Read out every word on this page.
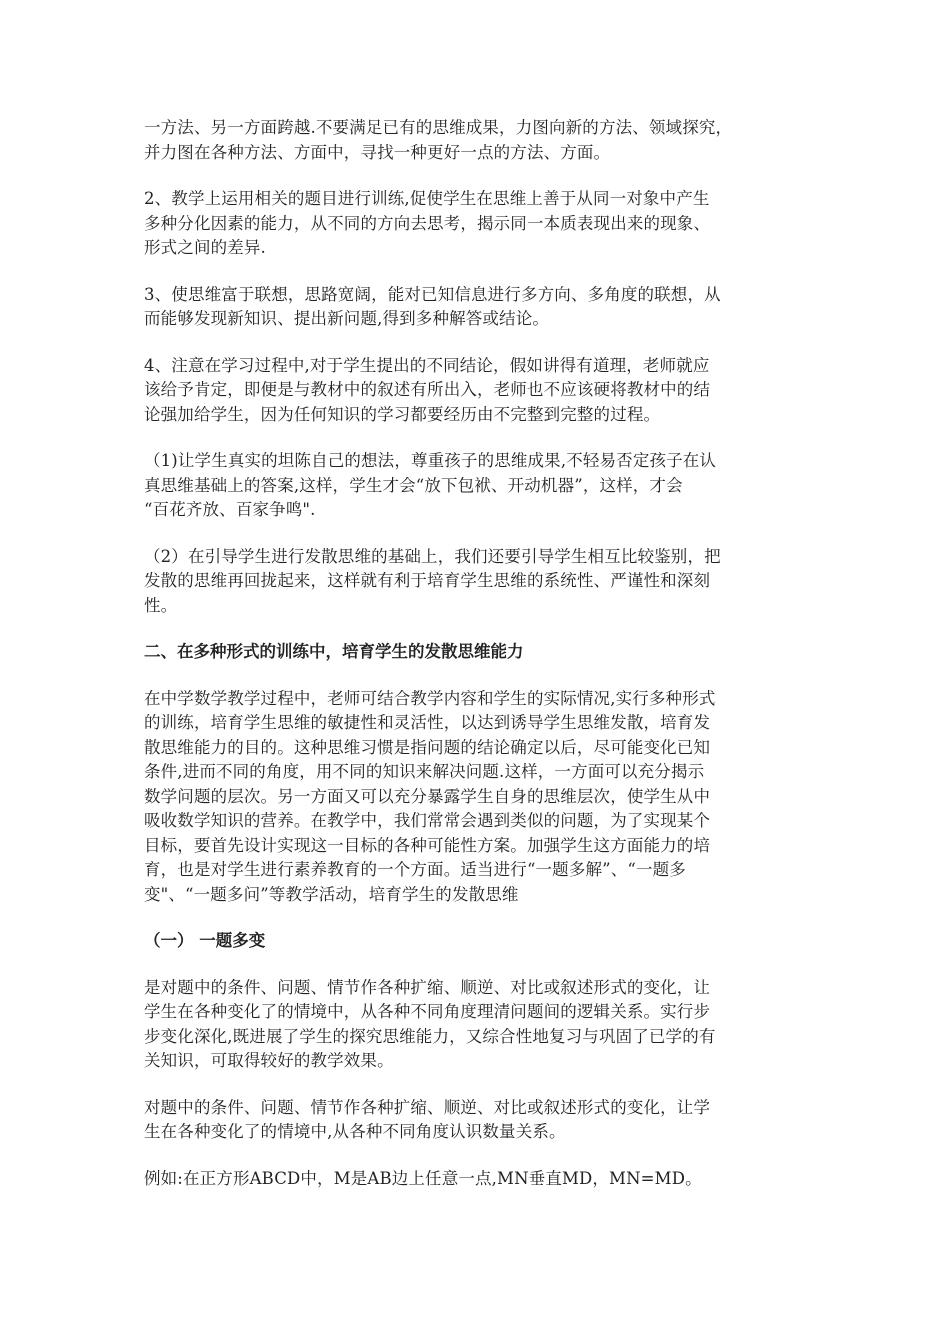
一方法、另一方面跨越.不要满足已有的思维成果，力图向新的方法、领域探究，
并力图在各种方法、方面中，寻找一种更好一点的方法、方面。

2、教学上运用相关的题目进行训练,促使学生在思维上善于从同一对象中产生
多种分化因素的能力，从不同的方向去思考，揭示同一本质表现出来的现象、
形式之间的差异.

3、使思维富于联想，思路宽阔，能对已知信息进行多方向、多角度的联想，从
而能够发现新知识、提出新问题,得到多种解答或结论。

4、注意在学习过程中,对于学生提出的不同结论，假如讲得有道理，老师就应
该给予肯定，即便是与教材中的叙述有所出入，老师也不应该硬将教材中的结
论强加给学生，因为任何知识的学习都要经历由不完整到完整的过程。

（1)让学生真实的坦陈自己的想法，尊重孩子的思维成果,不轻易否定孩子在认
真思维基础上的答案,这样，学生才会“放下包袱、开动机器”，这样，才会
“百花齐放、百家争鸣".

（2）在引导学生进行发散思维的基础上，我们还要引导学生相互比较鉴别，把
发散的思维再回拢起来，这样就有利于培育学生思维的系统性、严谨性和深刻
性。

二、在多种形式的训练中，培育学生的发散思维能力

在中学数学教学过程中，老师可结合教学内容和学生的实际情况,实行多种形式
的训练，培育学生思维的敏捷性和灵活性，以达到诱导学生思维发散，培育发
散思维能力的目的。这种思维习惯是指问题的结论确定以后，尽可能变化已知
条件,进而不同的角度，用不同的知识来解决问题.这样，一方面可以充分揭示
数学问题的层次。另一方面又可以充分暴露学生自身的思维层次，使学生从中
吸收数学知识的营养。在教学中，我们常常会遇到类似的问题，为了实现某个
目标，要首先设计实现这一目标的各种可能性方案。加强学生这方面能力的培
育，也是对学生进行素养教育的一个方面。适当进行“一题多解”、“一题多
变"、“一题多问”等教学活动，培育学生的发散思维

（一） 一题多变

是对题中的条件、问题、情节作各种扩缩、顺逆、对比或叙述形式的变化，让
学生在各种变化了的情境中，从各种不同角度理清问题间的逻辑关系。实行步
步变化深化,既进展了学生的探究思维能力，又综合性地复习与巩固了已学的有
关知识，可取得较好的教学效果。

对题中的条件、问题、情节作各种扩缩、顺逆、对比或叙述形式的变化，让学
生在各种变化了的情境中,从各种不同角度认识数量关系。

例如:在正方形ABCD中，M是AB边上任意一点,MN垂直MD，MN=MD。
